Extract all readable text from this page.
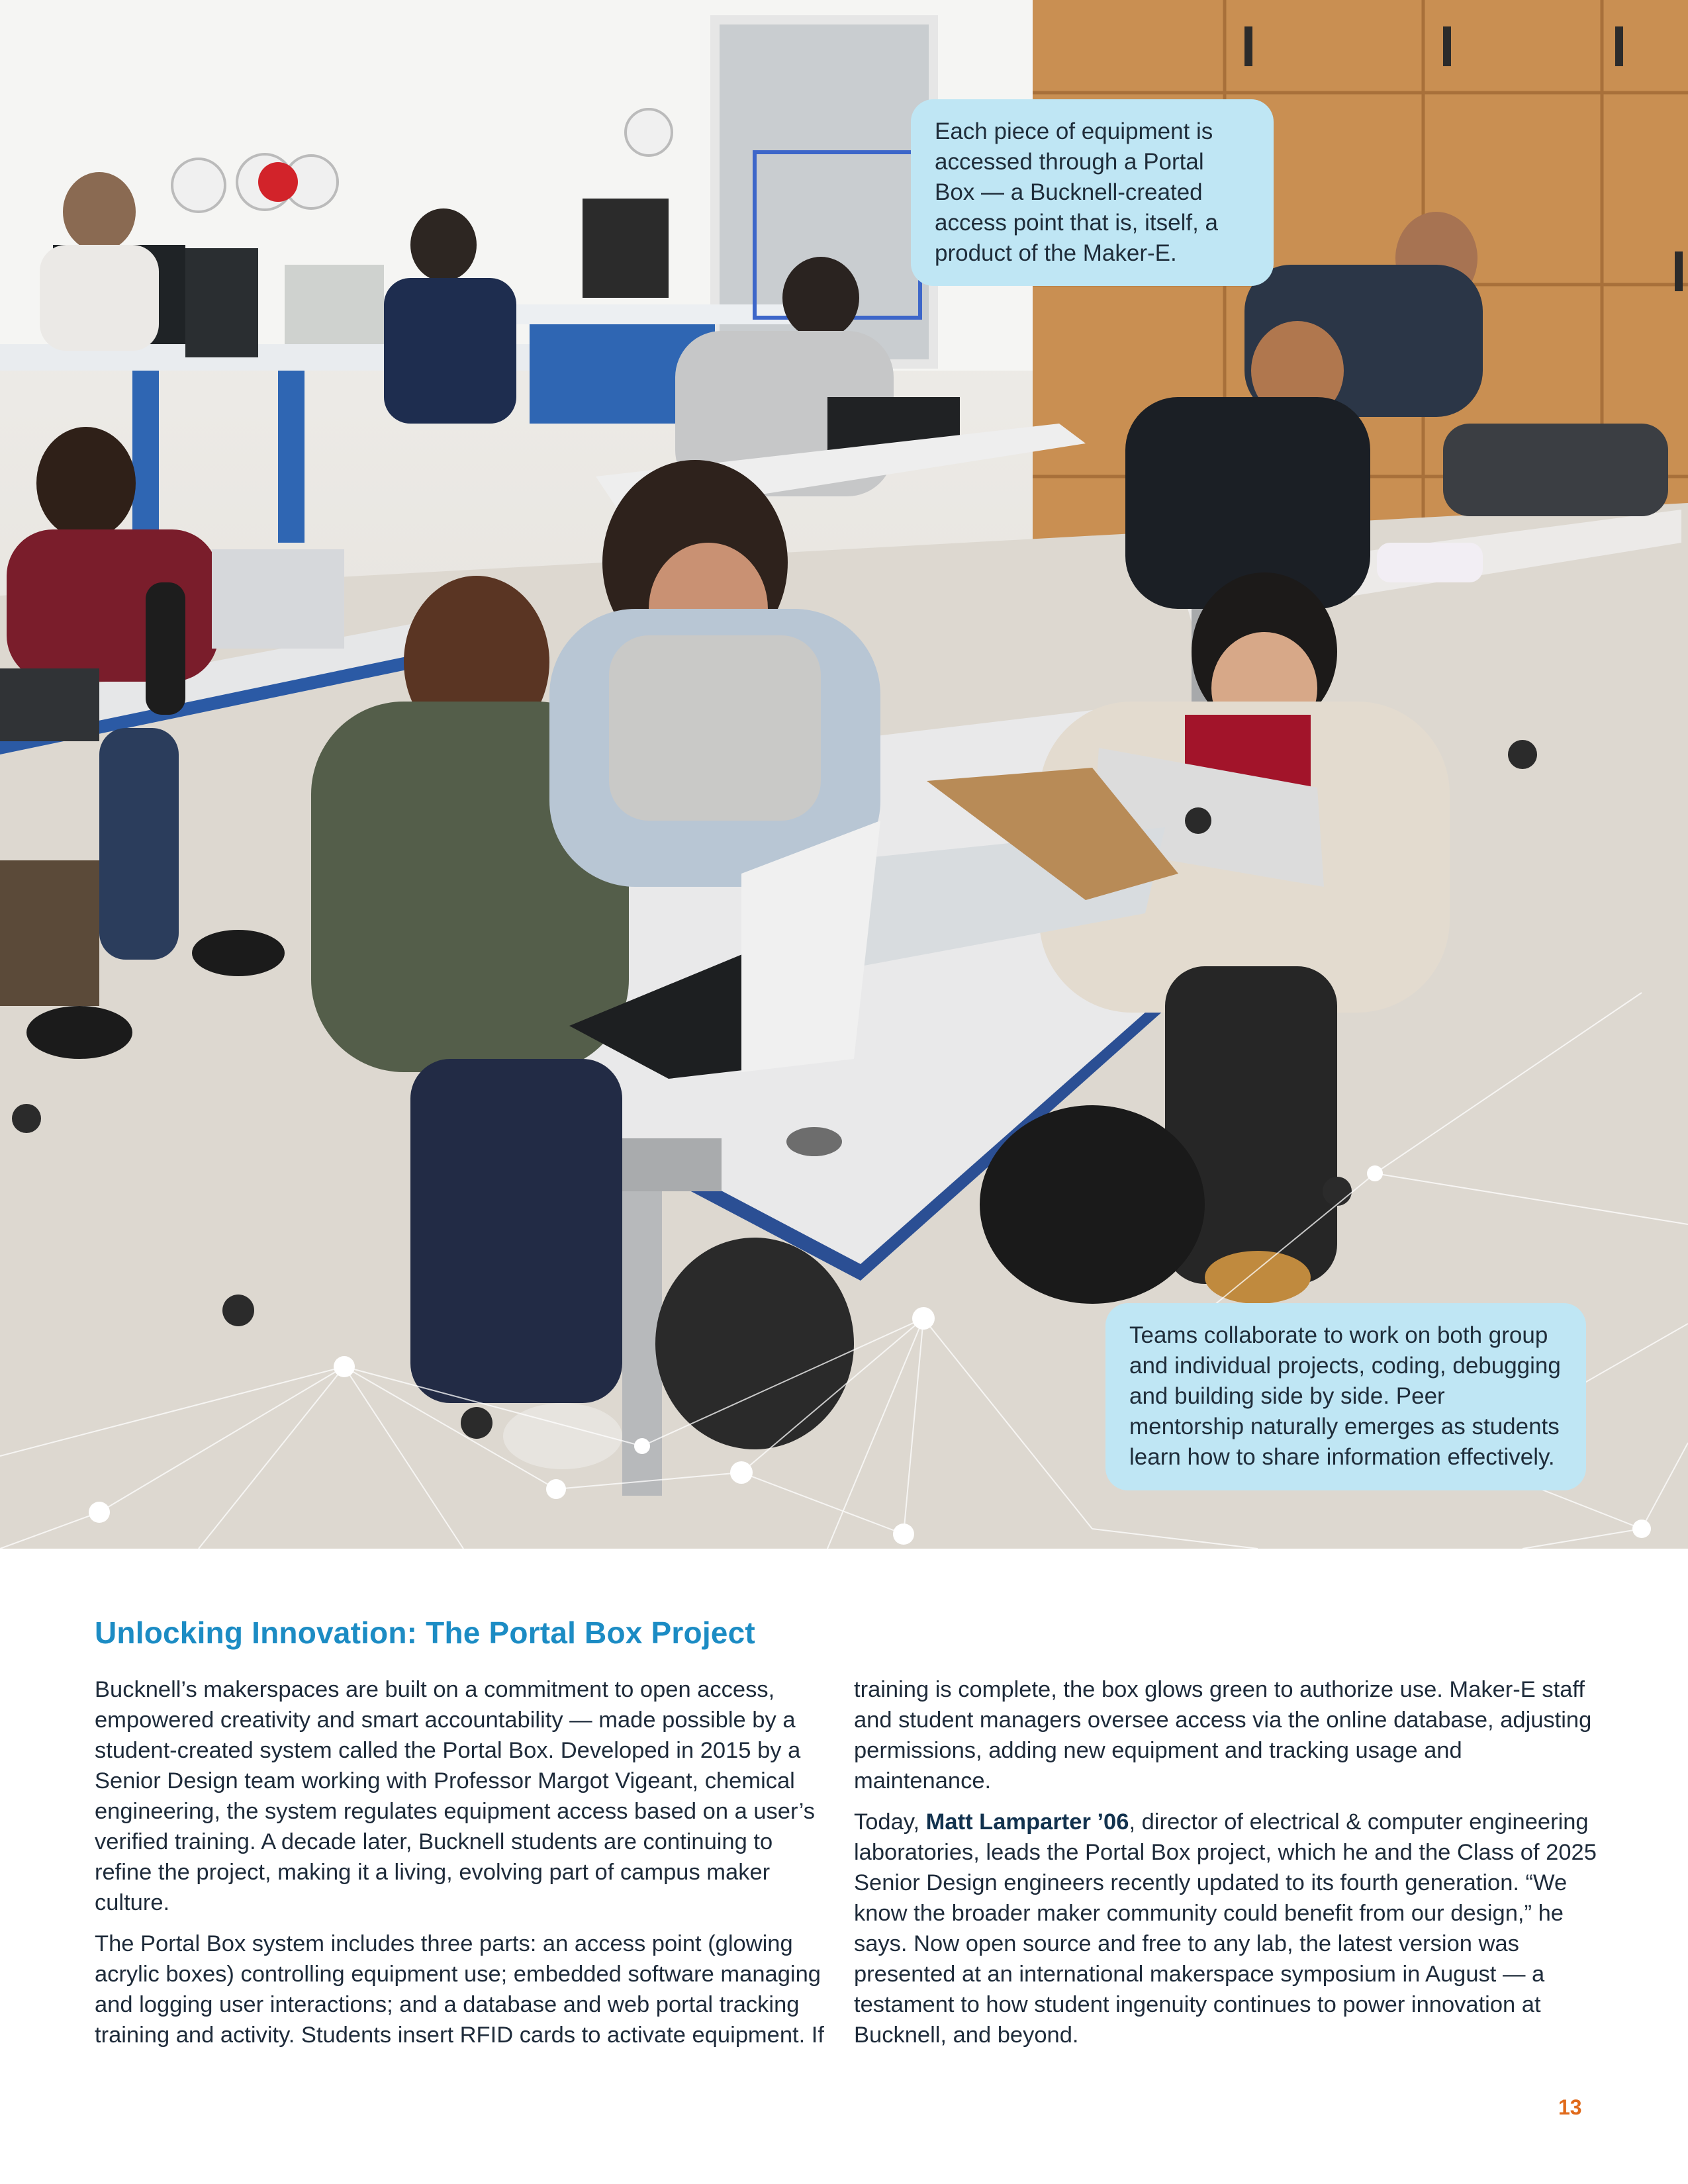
Each piece of equipment is accessed through a Portal Box — a Bucknell-created access point that is, itself, a product of the Maker-E.
Teams collaborate to work on both group and individual projects, coding, debugging and building side by side. Peer mentorship naturally emerges as students learn how to share information effectively.
Unlocking Innovation: The Portal Box Project

Bucknell’s makerspaces are built on a commitment to open access, empowered creativity and smart accountability — made possible by a student-created system called the Portal Box. Developed in 2015 by a Senior Design team working with Professor Margot Vigeant, chemical engineering, the system regulates equipment access based on a user’s verified training. A decade later, Bucknell students are continuing to refine the project, making it a living, evolving part of campus maker culture.

The Portal Box system includes three parts: an access point (glowing acrylic boxes) controlling equipment use; embedded software managing and logging user interactions; and a database and web portal tracking training and activity. Students insert RFID cards to activate equipment. If

training is complete, the box glows green to authorize use. Maker-E staff and student managers oversee access via the online database, adjusting permissions, adding new equipment and tracking usage and maintenance.

Today, Matt Lamparter ’06, director of electrical & computer engineering laboratories, leads the Portal Box project, which he and the Class of 2025 Senior Design engineers recently updated to its fourth generation. “We know the broader maker community could benefit from our design,” he says. Now open source and free to any lab, the latest version was presented at an international makerspace symposium in August — a testament to how student ingenuity continues to power innovation at Bucknell, and beyond.

13
